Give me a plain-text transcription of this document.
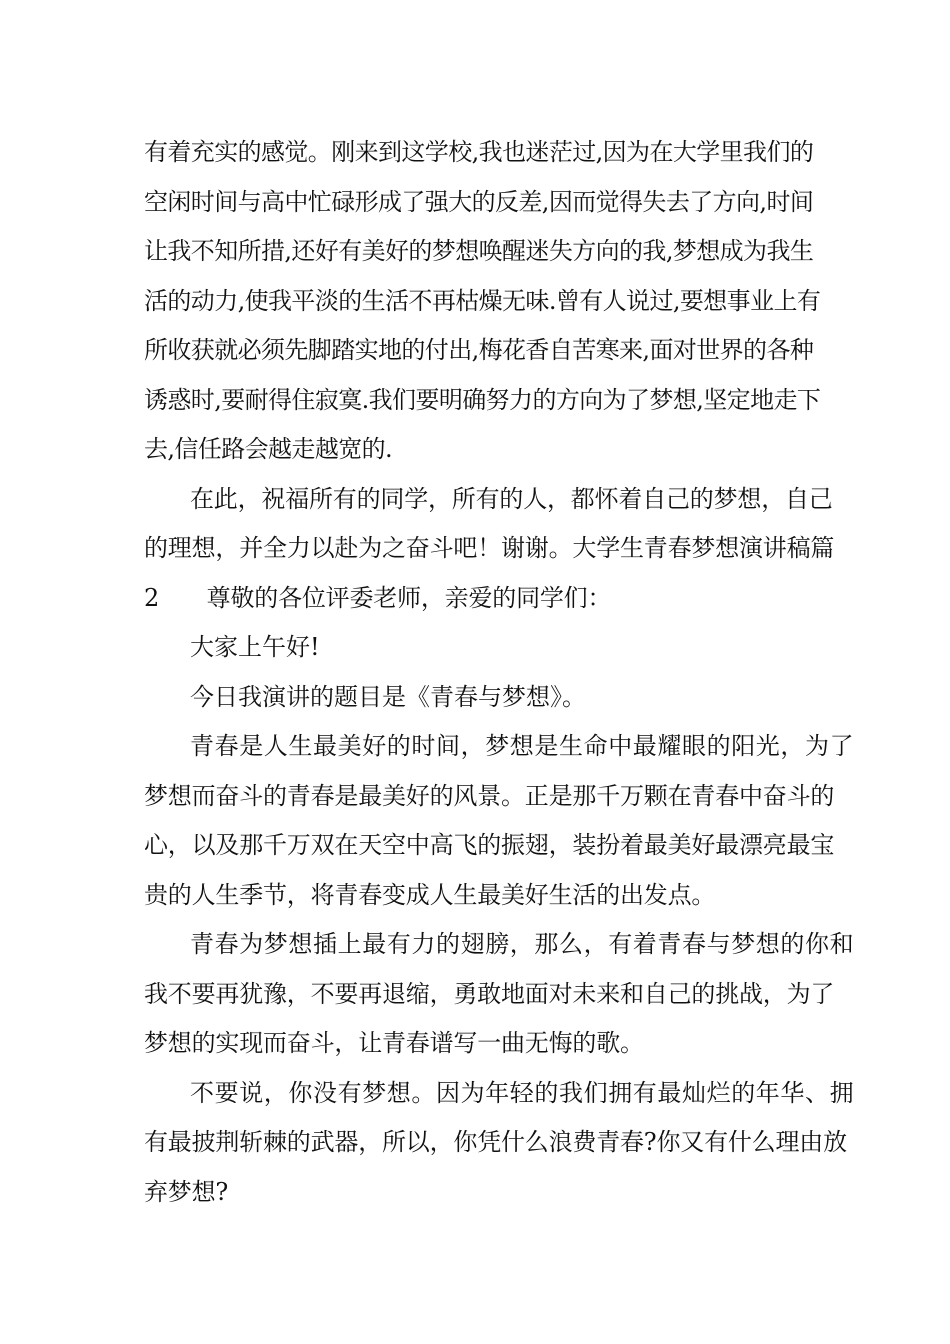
有着充实的感觉。刚来到这学校,我也迷茫过,因为在大学里我们的
空闲时间与高中忙碌形成了强大的反差,因而觉得失去了方向,时间
让我不知所措,还好有美好的梦想唤醒迷失方向的我,梦想成为我生
活的动力,使我平淡的生活不再枯燥无味.曾有人说过,要想事业上有
所收获就必须先脚踏实地的付出,梅花香自苦寒来,面对世界的各种
诱惑时,要耐得住寂寞.我们要明确努力的方向为了梦想,坚定地走下
去,信任路会越走越宽的.
在此，祝福所有的同学，所有的人，都怀着自己的梦想，自己
的理想，并全力以赴为之奋斗吧！谢谢。大学生青春梦想演讲稿篇
2　　尊敬的各位评委老师，亲爱的同学们：
大家上午好!
今日我演讲的题目是《青春与梦想》。
青春是人生最美好的时间，梦想是生命中最耀眼的阳光，为了
梦想而奋斗的青春是最美好的风景。正是那千万颗在青春中奋斗的
心，以及那千万双在天空中高飞的振翅，装扮着最美好最漂亮最宝
贵的人生季节，将青春变成人生最美好生活的出发点。
青春为梦想插上最有力的翅膀，那么，有着青春与梦想的你和
我不要再犹豫，不要再退缩，勇敢地面对未来和自己的挑战，为了
梦想的实现而奋斗，让青春谱写一曲无悔的歌。
不要说，你没有梦想。因为年轻的我们拥有最灿烂的年华、拥
有最披荆斩棘的武器，所以，你凭什么浪费青春?你又有什么理由放
弃梦想?
